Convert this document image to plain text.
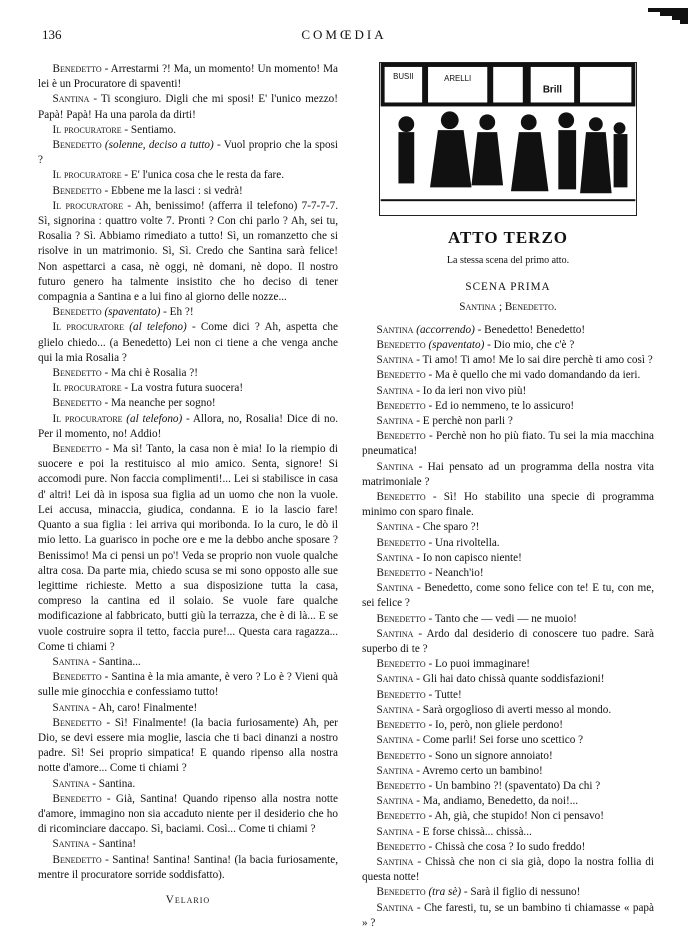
136	COMŒDIA

Benedetto - Arrestarmi ?! Ma, un momento! Un momento! Ma lei è un Procuratore di spaventi!

Santina - Ti scongiuro. Digli che mi sposi! E' l'unico mezzo! Papà! Papà! Ha una parola da dirti!

Il procuratore - Sentiamo.

Benedetto (solenne, deciso a tutto) - Vuol proprio che la sposi ?

Il procuratore - E' l'unica cosa che le resta da fare.

Benedetto - Ebbene me la lasci : si vedrà!

Il procuratore - Ah, benissimo! (afferra il telefono) 7-7-7-7. Sì, signorina : quattro volte 7. Pronti ? Con chi parlo ? Ah, sei tu, Rosalia ? Sì. Abbiamo rimediato a tutto! Sì, un romanzetto che si risolve in un matrimonio. Sì, Sì. Credo che Santina sarà felice! Non aspettarci a casa, nè oggi, nè domani, nè dopo. Il nostro futuro genero ha talmente insistito che ho deciso di tener compagnia a Santina e a lui fino al giorno delle nozze...

Benedetto (spaventato) - Eh ?!

Il procuratore (al telefono) - Come dici ? Ah, aspetta che glielo chiedo... (a Benedetto) Lei non ci tiene a che venga anche qui la mia Rosalia ?

Benedetto - Ma chi è Rosalia ?!

Il procuratore - La vostra futura suocera!

Benedetto - Ma neanche per sogno!

Il procuratore (al telefono) - Allora, no, Rosalia! Dice di no. Per il momento, no! Addio!

Benedetto - Ma sì! Tanto, la casa non è mia! Io la riempio di suocere e poi la restituisco al mio amico. Senta, signore! Si accomodi pure. Non faccia complimenti!... Lei si stabilisce in casa d' altri! Lei dà in isposa sua figlia ad un uomo che non la vuole. Lei accusa, minaccia, giudica, condanna. E io la lascio fare! Quanto a sua figlia : lei arriva qui moribonda. Io la curo, le dò il mio letto. La guarisco in poche ore e me la debbo anche sposare ? Benissimo! Ma ci pensi un po'! Veda se proprio non vuole qualche altra cosa. Da parte mia, chiedo scusa se mi sono opposto alle sue legittime richieste. Metto a sua disposizione tutta la casa, compreso la cantina ed il solaio. Se vuole fare qualche modificazione al fabbricato, butti giù la terrazza, che è di là... E se vuole costruire sopra il tetto, faccia pure!... Questa cara ragazza... Come ti chiami ?

Santina - Santina...

Benedetto - Santina è la mia amante, è vero ? Lo è ? Vieni quà sulle mie ginocchia e confessiamo tutto!

Santina - Ah, caro! Finalmente!

Benedetto - Sì! Finalmente! (la bacia furiosamente) Ah, per Dio, se devi essere mia moglie, lascia che ti baci dinanzi a nostro padre. Sì! Sei proprio simpatica! E quando ripenso alla nostra notte d'amore... Come ti chiami ?

Santina - Santina.

Benedetto - Già, Santina! Quando ripenso alla nostra notte d'amore, immagino non sia accaduto niente per il desiderio che ho di ricominciare daccapo. Sì, baciami. Così... Come ti chiami ?

Santina - Santina!

Benedetto - Santina! Santina! Santina! (la bacia furiosamente, mentre il procuratore sorride soddisfatto).

Velario

BUSII	ARELLI
Brill

ATTO TERZO

La stessa scena del primo atto.

SCENA PRIMA

Santina ; Benedetto.

Santina (accorrendo) - Benedetto! Benedetto!

Benedetto (spaventato) - Dio mio, che c'è ?

Santina - Ti amo! Ti amo! Me lo sai dire perchè ti amo così ?

Benedetto - Ma è quello che mi vado domandando da ieri.

Santina - Io da ieri non vivo più!

Benedetto - Ed io nemmeno, te lo assicuro!

Santina - E perchè non parli ?

Benedetto - Perchè non ho più fiato. Tu sei la mia macchina pneumatica!

Santina - Hai pensato ad un programma della nostra vita matrimoniale ?

Benedetto - Sì! Ho stabilito una specie di programma minimo con sparo finale.

Santina - Che sparo ?!

Benedetto - Una rivoltella.

Santina - Io non capisco niente!

Benedetto - Neanch'io!

Santina - Benedetto, come sono felice con te! E tu, con me, sei felice ?

Benedetto - Tanto che — vedi — ne muoio!

Santina - Ardo dal desiderio di conoscere tuo padre. Sarà superbo di te ?

Benedetto - Lo puoi immaginare!

Santina - Gli hai dato chissà quante soddisfazioni!

Benedetto - Tutte!

Santina - Sarà orgoglioso di averti messo al mondo.

Benedetto - Io, però, non gliele perdono!

Santina - Come parli! Sei forse uno scettico ?

Benedetto - Sono un signore annoiato!

Santina - Avremo certo un bambino!

Benedetto - Un bambino ?! (spaventato) Da chi ?

Santina - Ma, andiamo, Benedetto, da noi!...

Benedetto - Ah, già, che stupido! Non ci pensavo!

Santina - E forse chissà... chissà...

Benedetto - Chissà che cosa ? Io sudo freddo!

Santina - Chissà che non ci sia già, dopo la nostra follia di questa notte!

Benedetto (tra sè) - Sarà il figlio di nessuno!

Santina - Che faresti, tu, se un bambino ti chiamasse « papà » ?
